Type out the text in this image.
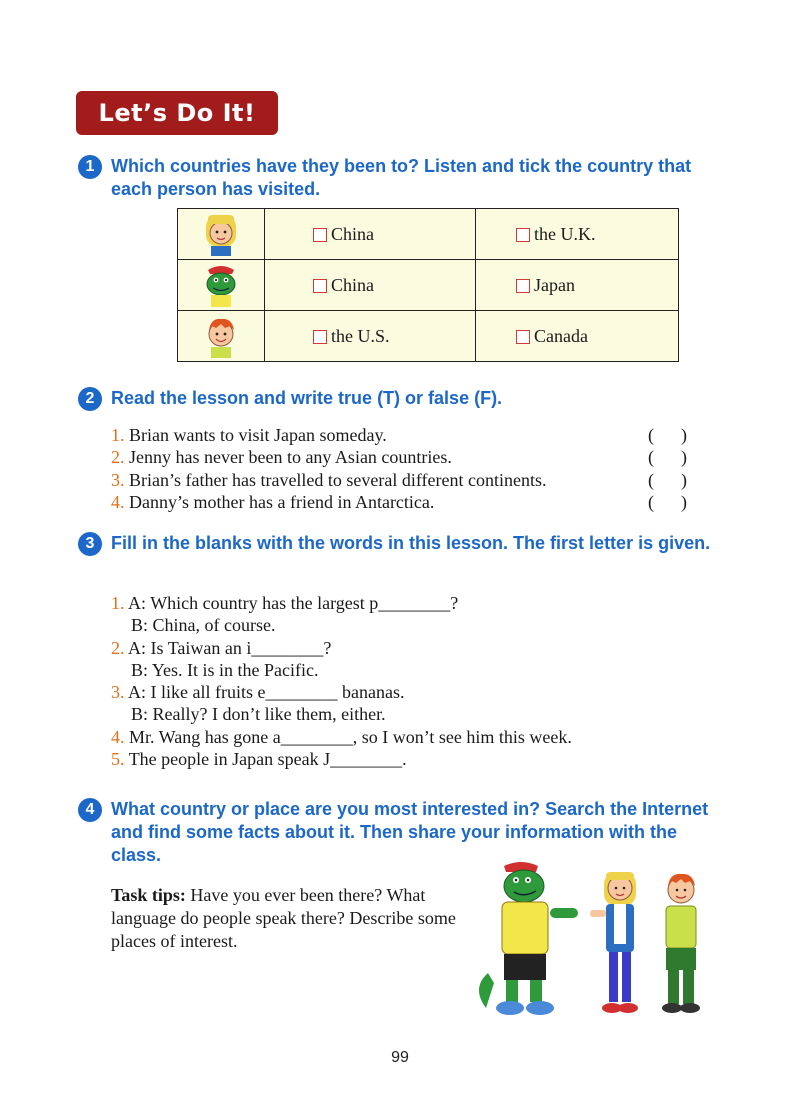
Let’s Do It!
1 Which countries have they been to? Listen and tick the country that each person has visited.
	China	the U.K.

	China	Japan

	the U.S.	Canada
2 Read the lesson and write true (T) or false (F).
1. Brian wants to visit Japan someday.	(      )
2. Jenny has never been to any Asian countries.	(      )
3. Brian’s father has travelled to several different continents.	(      )
4. Danny’s mother has a friend in Antarctica.	(      )
3 Fill in the blanks with the words in this lesson. The first letter is given.
1. A: Which country has the largest p________?
B: China, of course.
2. A: Is Taiwan an i________?
B: Yes. It is in the Pacific.
3. A: I like all fruits e________ bananas.
B: Really? I don’t like them, either.
4. Mr. Wang has gone a________, so I won’t see him this week.
5. The people in Japan speak J________.
4 What country or place are you most interested in? Search the Internet and find some facts about it. Then share your information with the class.
Task tips: Have you ever been there? What language do people speak there? Describe some places of interest.
99
